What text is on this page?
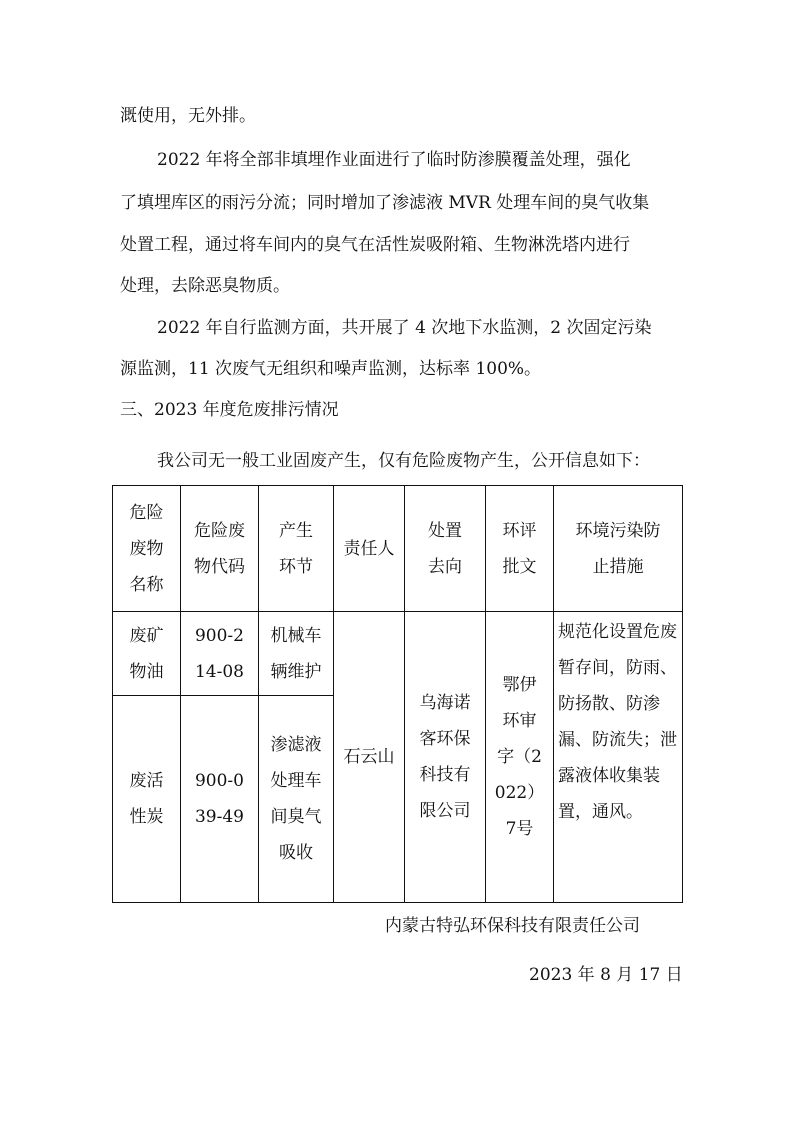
溉使用，无外排。
2022 年将全部非填埋作业面进行了临时防渗膜覆盖处理，强化
了填埋库区的雨污分流；同时增加了渗滤液 MVR 处理车间的臭气收集
处置工程，通过将车间内的臭气在活性炭吸附箱、生物淋洗塔内进行
处理，去除恶臭物质。
2022 年自行监测方面，共开展了 4 次地下水监测，2 次固定污染
源监测，11 次废气无组织和噪声监测，达标率 100%。
三、2023 年度危废排污情况
我公司无一般工业固废产生，仅有危险废物产生，公开信息如下：
危险废物名称	危险废物代码	产生环节	责任人	处置去向	环评批文	环境污染防止措施

废矿物油	900-214-08	机械车辆维护	石云山	乌海诺客环保科技有限公司	鄂伊环审字（2022）7号	规范化设置危废暂存间，防雨、防扬散、防渗漏、防流失；泄露液体收集装置，通风。

废活性炭	900-039-49	渗滤液处理车间臭气吸收				
内蒙古特弘环保科技有限责任公司
2023 年 8 月 17 日
